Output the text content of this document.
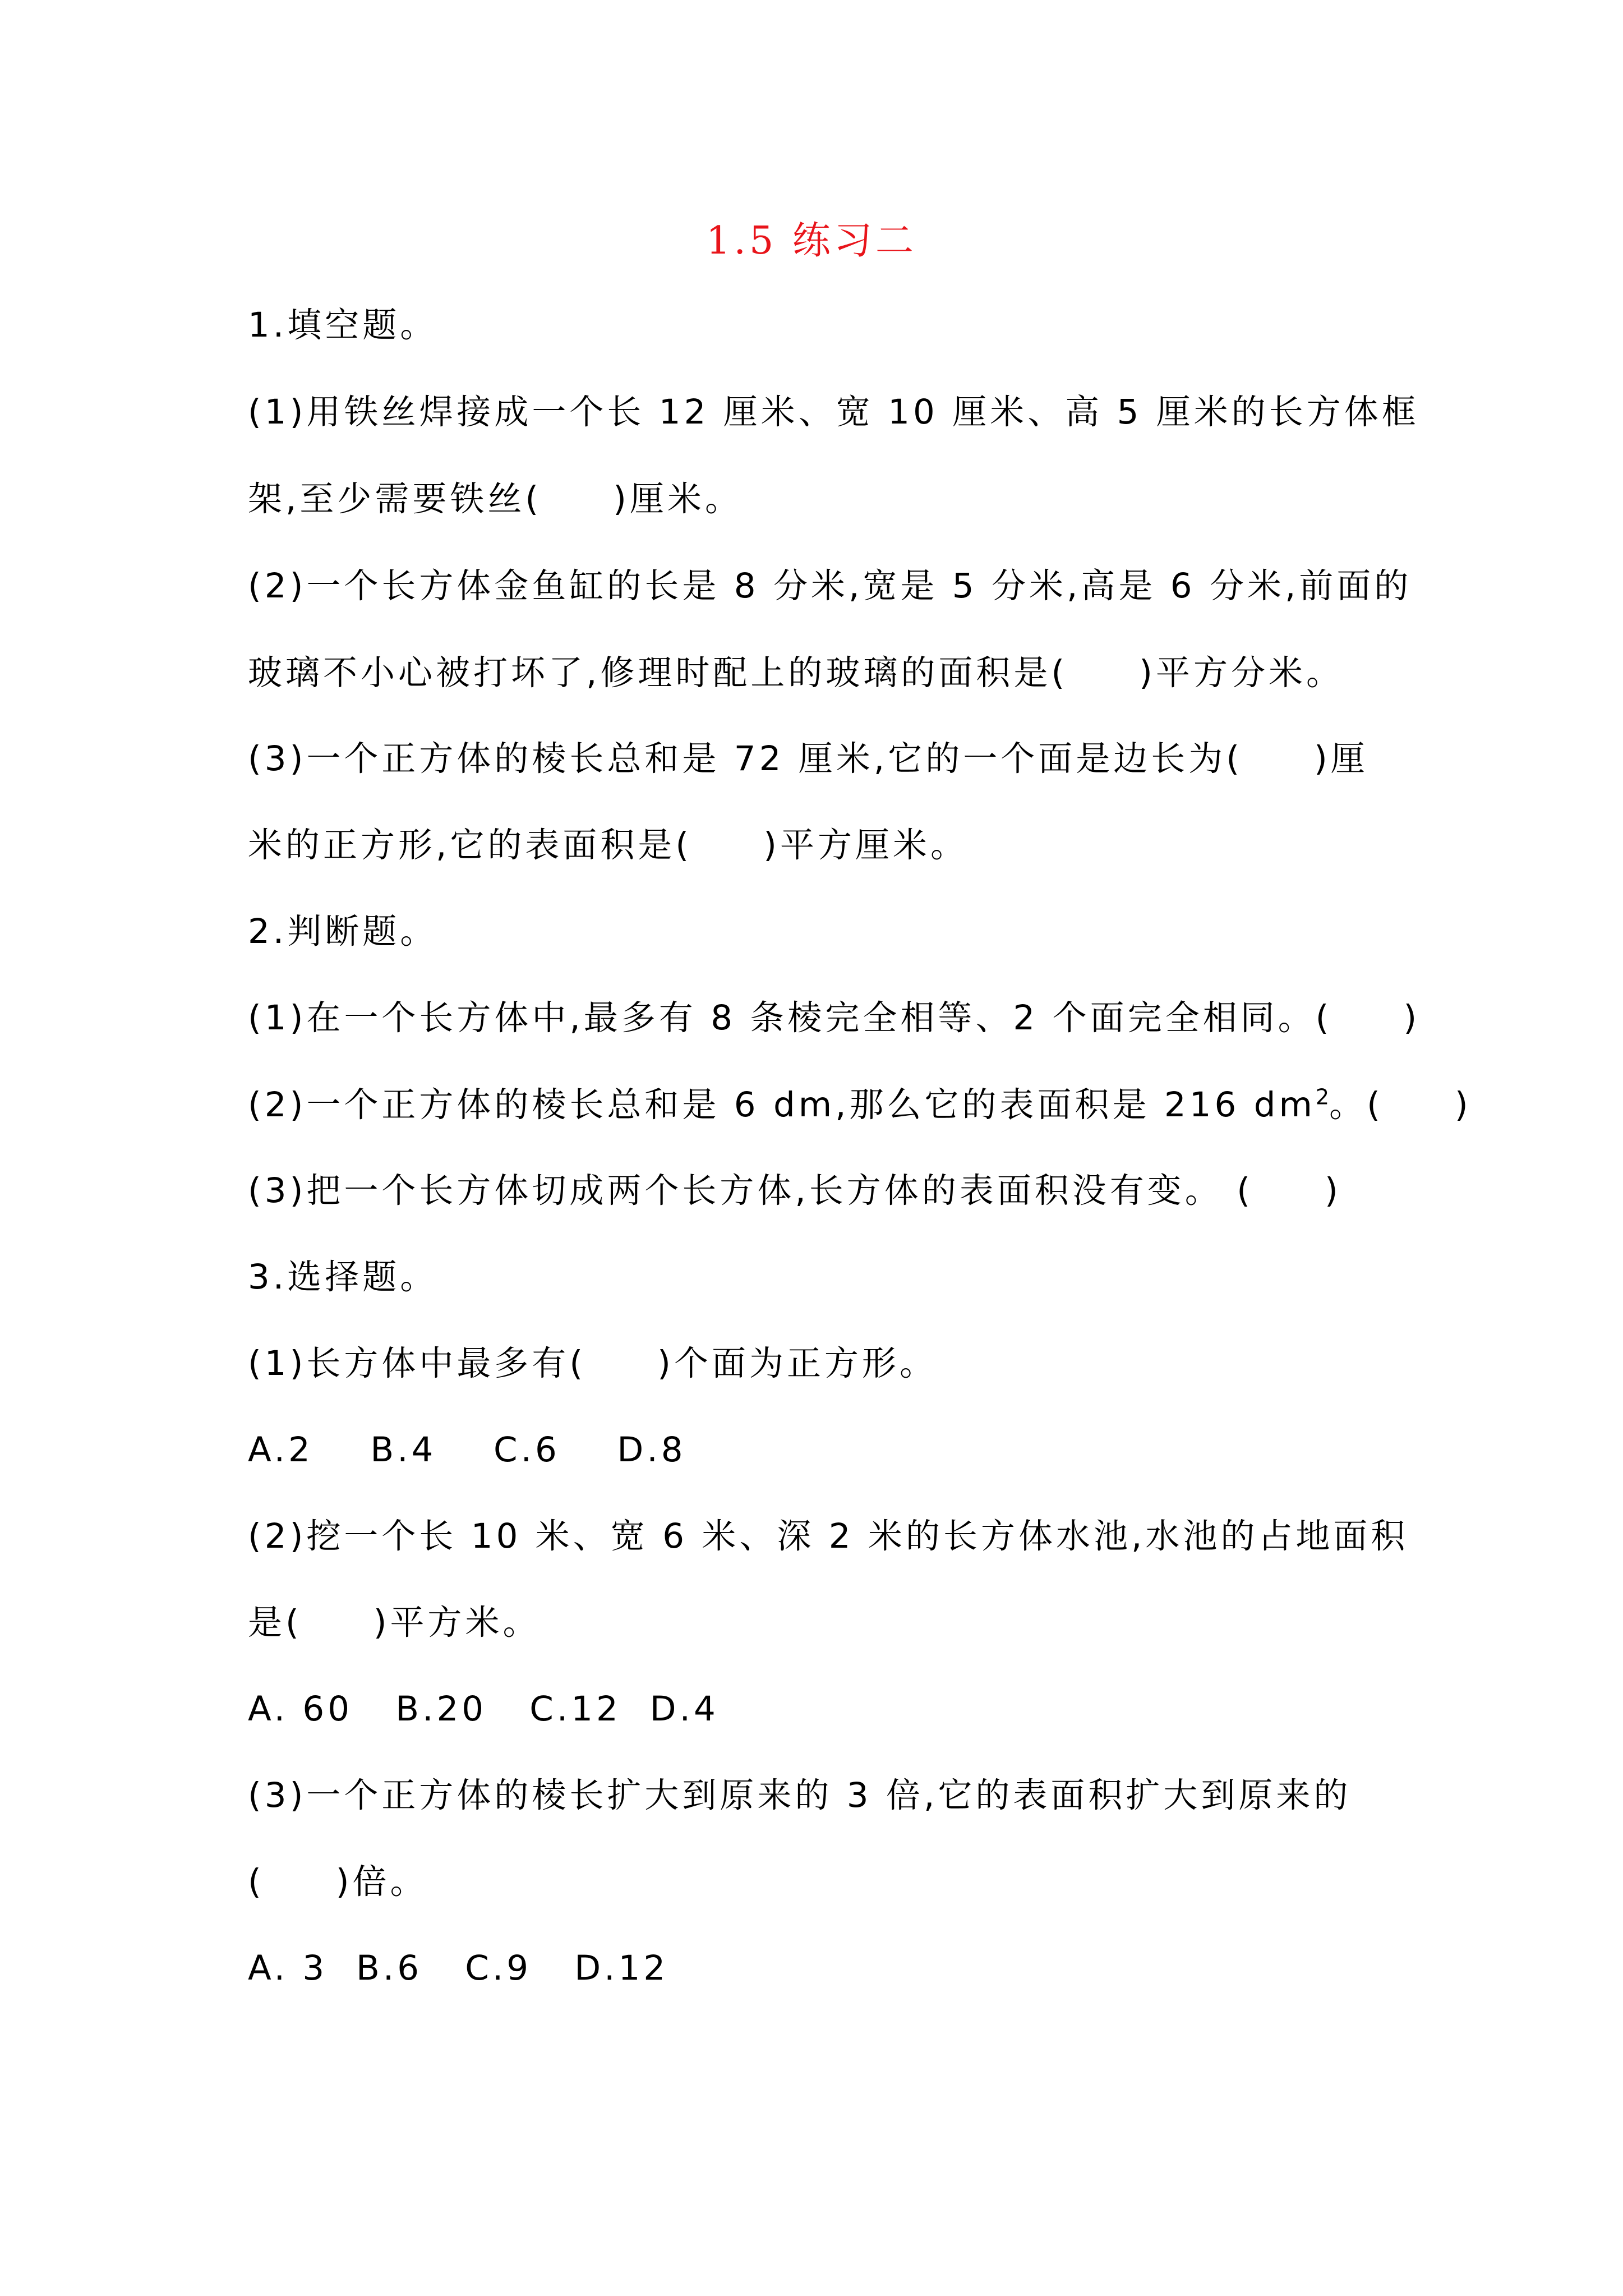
1.5 练习二
1.填空题。
(1)用铁丝焊接成一个长 12 厘米、宽 10 厘米、高 5 厘米的长方体框
架,至少需要铁丝(     )厘米。
(2)一个长方体金鱼缸的长是 8 分米,宽是 5 分米,高是 6 分米,前面的
玻璃不小心被打坏了,修理时配上的玻璃的面积是(     )平方分米。
(3)一个正方体的棱长总和是 72 厘米,它的一个面是边长为(     )厘
米的正方形,它的表面积是(     )平方厘米。
2.判断题。
(1)在一个长方体中,最多有 8 条棱完全相等、2 个面完全相同。(     )
(2)一个正方体的棱长总和是 6 dm,那么它的表面积是 216 $dm^2$。(     )
(3)把一个长方体切成两个长方体,长方体的表面积没有变。 (     )
3.选择题。
(1)长方体中最多有(     )个面为正方形。
A.2    B.4    C.6    D.8
(2)挖一个长 10 米、宽 6 米、深 2 米的长方体水池,水池的占地面积
是(     )平方米。
A. 60   B.20   C.12  D.4
(3)一个正方体的棱长扩大到原来的 3 倍,它的表面积扩大到原来的
(     )倍。
A. 3  B.6   C.9   D.12
